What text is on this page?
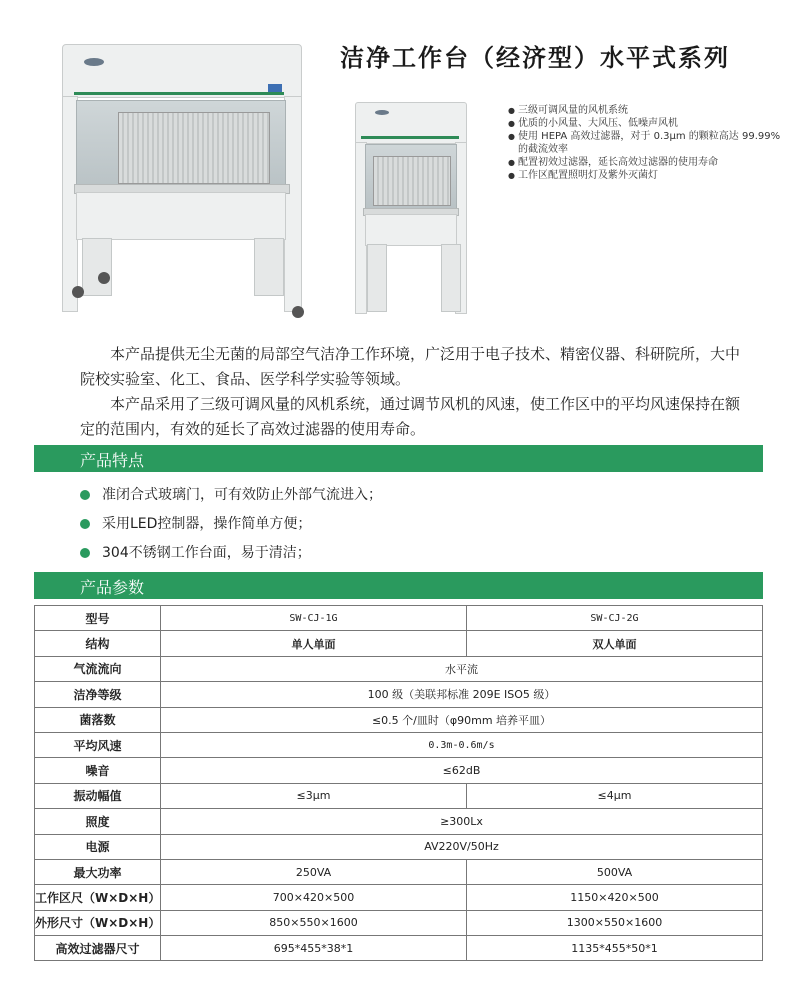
洁净工作台（经济型）水平式系列
● 三级可调风量的风机系统
● 优质的小风量、大风压、低噪声风机
● 使用 HEPA 高效过滤器，对于 0.3μm 的颗粒高达 99.99% 的截流效率
● 配置初效过滤器，延长高效过滤器的使用寿命
● 工作区配置照明灯及紫外灭菌灯

本产品提供无尘无菌的局部空气洁净工作环境，广泛用于电子技术、精密仪器、科研院所，大中院校实验室、化工、食品、医学科学实验等领域。

本产品采用了三级可调风量的风机系统，通过调节风机的风速，使工作区中的平均风速保持在额定的范围内，有效的延长了高效过滤器的使用寿命。

产品特点
准闭合式玻璃门，可有效防止外部气流进入；
采用LED控制器，操作简单方便；
304不锈钢工作台面，易于清洁；
产品参数
型号	SW-CJ-1G	SW-CJ-2G
结构	单人单面	双人单面
气流流向	水平流	
洁净等级	100 级（美联邦标准 209E ISO5 级）	
菌落数	≤0.5 个/皿时（φ90mm 培养平皿）	
平均风速	0.3m-0.6m/s	
噪音	≤62dB	
振动幅值	≤3μm	≤4μm
照度	≥300Lx	
电源	AV220V/50Hz	
最大功率	250VA	500VA
工作区尺（W×D×H）	700×420×500	1150×420×500
外形尺寸（W×D×H）	850×550×1600	1300×550×1600
高效过滤器尺寸	695*455*38*1	1135*455*50*1
